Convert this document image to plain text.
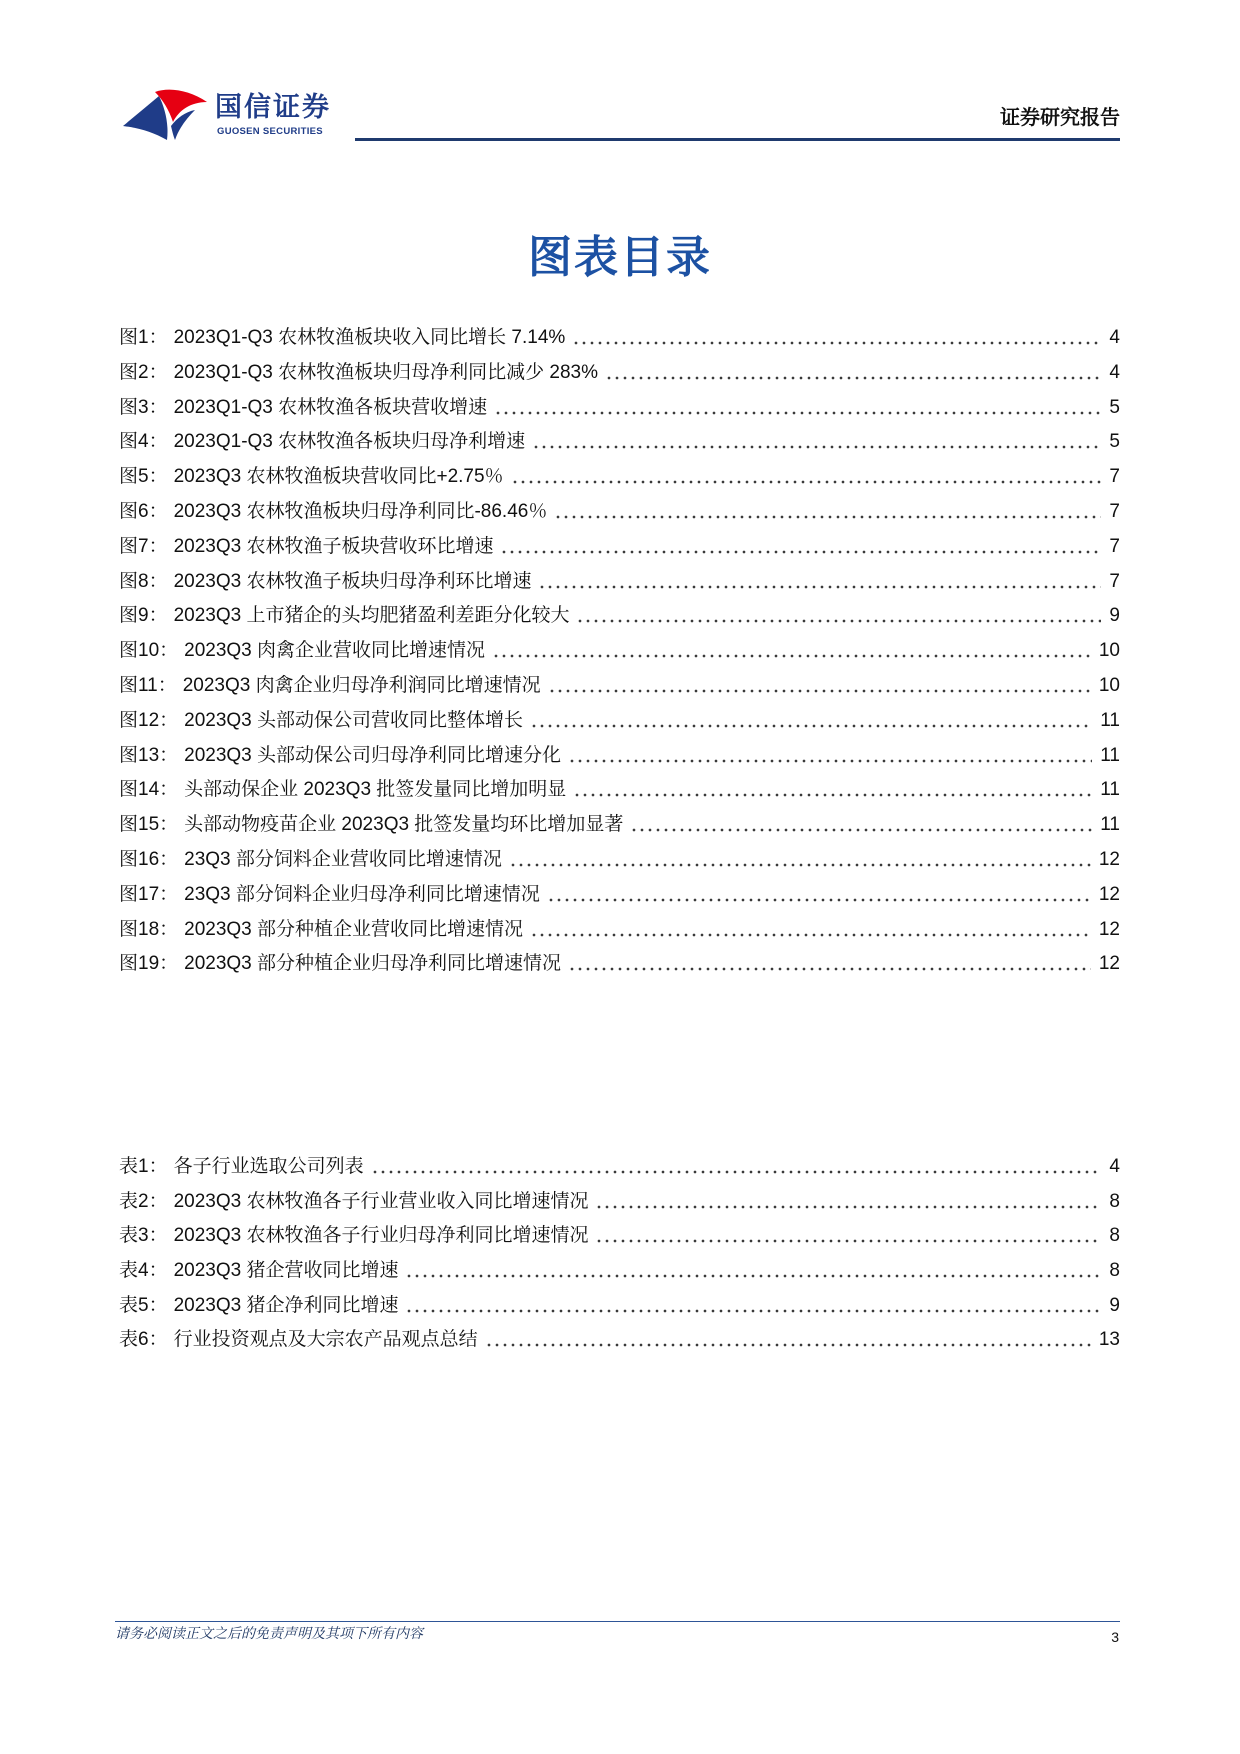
国信证券
GUOSEN SECURITIES
证券研究报告
图表目录
图1： 2023Q1-Q3 农林牧渔板块收入同比增长 7.14%	4
图2： 2023Q1-Q3 农林牧渔板块归母净利同比减少 283%	4
图3： 2023Q1-Q3 农林牧渔各板块营收增速	5
图4： 2023Q1-Q3 农林牧渔各板块归母净利增速	5
图5： 2023Q3 农林牧渔板块营收同比+2.75％	7
图6： 2023Q3 农林牧渔板块归母净利同比-86.46％	7
图7： 2023Q3 农林牧渔子板块营收环比增速	7
图8： 2023Q3 农林牧渔子板块归母净利环比增速	7
图9： 2023Q3 上市猪企的头均肥猪盈利差距分化较大	9
图10： 2023Q3 肉禽企业营收同比增速情况	10
图11： 2023Q3 肉禽企业归母净利润同比增速情况	10
图12： 2023Q3 头部动保公司营收同比整体增长	11
图13： 2023Q3 头部动保公司归母净利同比增速分化	11
图14： 头部动保企业 2023Q3 批签发量同比增加明显	11
图15： 头部动物疫苗企业 2023Q3 批签发量均环比增加显著	11
图16： 23Q3 部分饲料企业营收同比增速情况	12
图17： 23Q3 部分饲料企业归母净利同比增速情况	12
图18： 2023Q3 部分种植企业营收同比增速情况	12
图19： 2023Q3 部分种植企业归母净利同比增速情况	12
表1： 各子行业选取公司列表	4
表2： 2023Q3 农林牧渔各子行业营业收入同比增速情况	8
表3： 2023Q3 农林牧渔各子行业归母净利同比增速情况	8
表4： 2023Q3 猪企营收同比增速	8
表5： 2023Q3 猪企净利同比增速	9
表6： 行业投资观点及大宗农产品观点总结	13
请务必阅读正文之后的免责声明及其项下所有内容	3
